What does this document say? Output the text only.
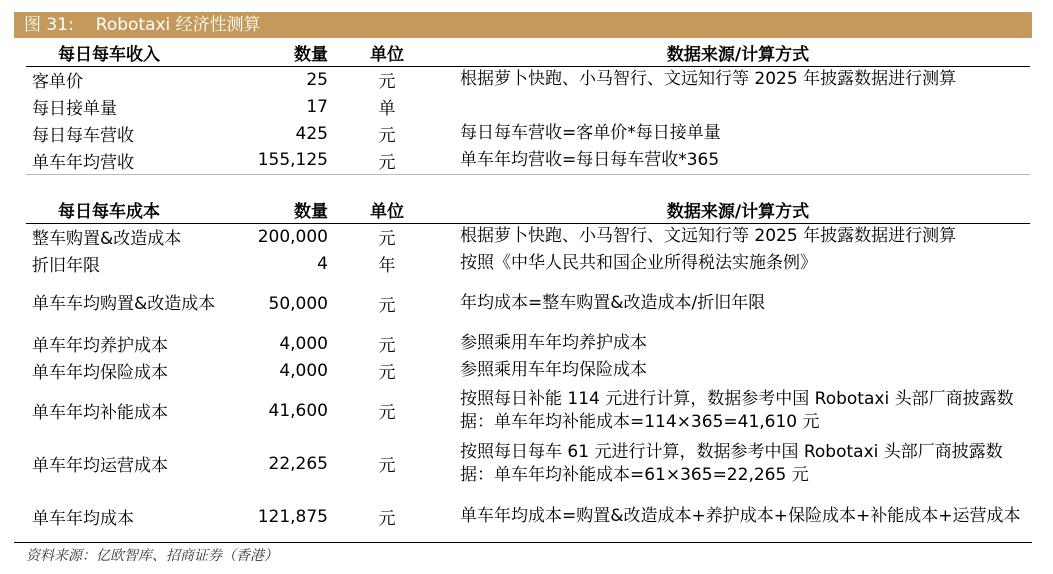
图 31: Robotaxi 经济性测算
每日每车收入	数量	单位	数据来源/计算方式
客单价	25	元	根据萝卜快跑、小马智行、文远知行等 2025 年披露数据进行测算
每日接单量	17	单	
每日每车营收	425	元	每日每车营收=客单价*每日接单量
单车年均营收	155,125	元	单车年均营收=每日每车营收*365
每日每车成本	数量	单位	数据来源/计算方式
整车购置&改造成本	200,000	元	根据萝卜快跑、小马智行、文远知行等 2025 年披露数据进行测算
折旧年限	4	年	按照《中华人民共和国企业所得税法实施条例》
单车车均购置&改造成本	50,000	元	年均成本=整车购置&改造成本/折旧年限
单车年均养护成本	4,000	元	参照乘用车年均养护成本
单车年均保险成本	4,000	元	参照乘用车年均保险成本
单车年均补能成本	41,600	元	按照每日补能 114 元进行计算，数据参考中国 Robotaxi 头部厂商披露数据：单车年均补能成本=114×365=41,610 元
单车年均运营成本	22,265	元	按照每日每车 61 元进行计算，数据参考中国 Robotaxi 头部厂商披露数据：单车年均补能成本=61×365=22,265 元
单车年均成本	121,875	元	单车年均成本=购置&改造成本+养护成本+保险成本+补能成本+运营成本
资料来源：亿欧智库、招商证券（香港）
